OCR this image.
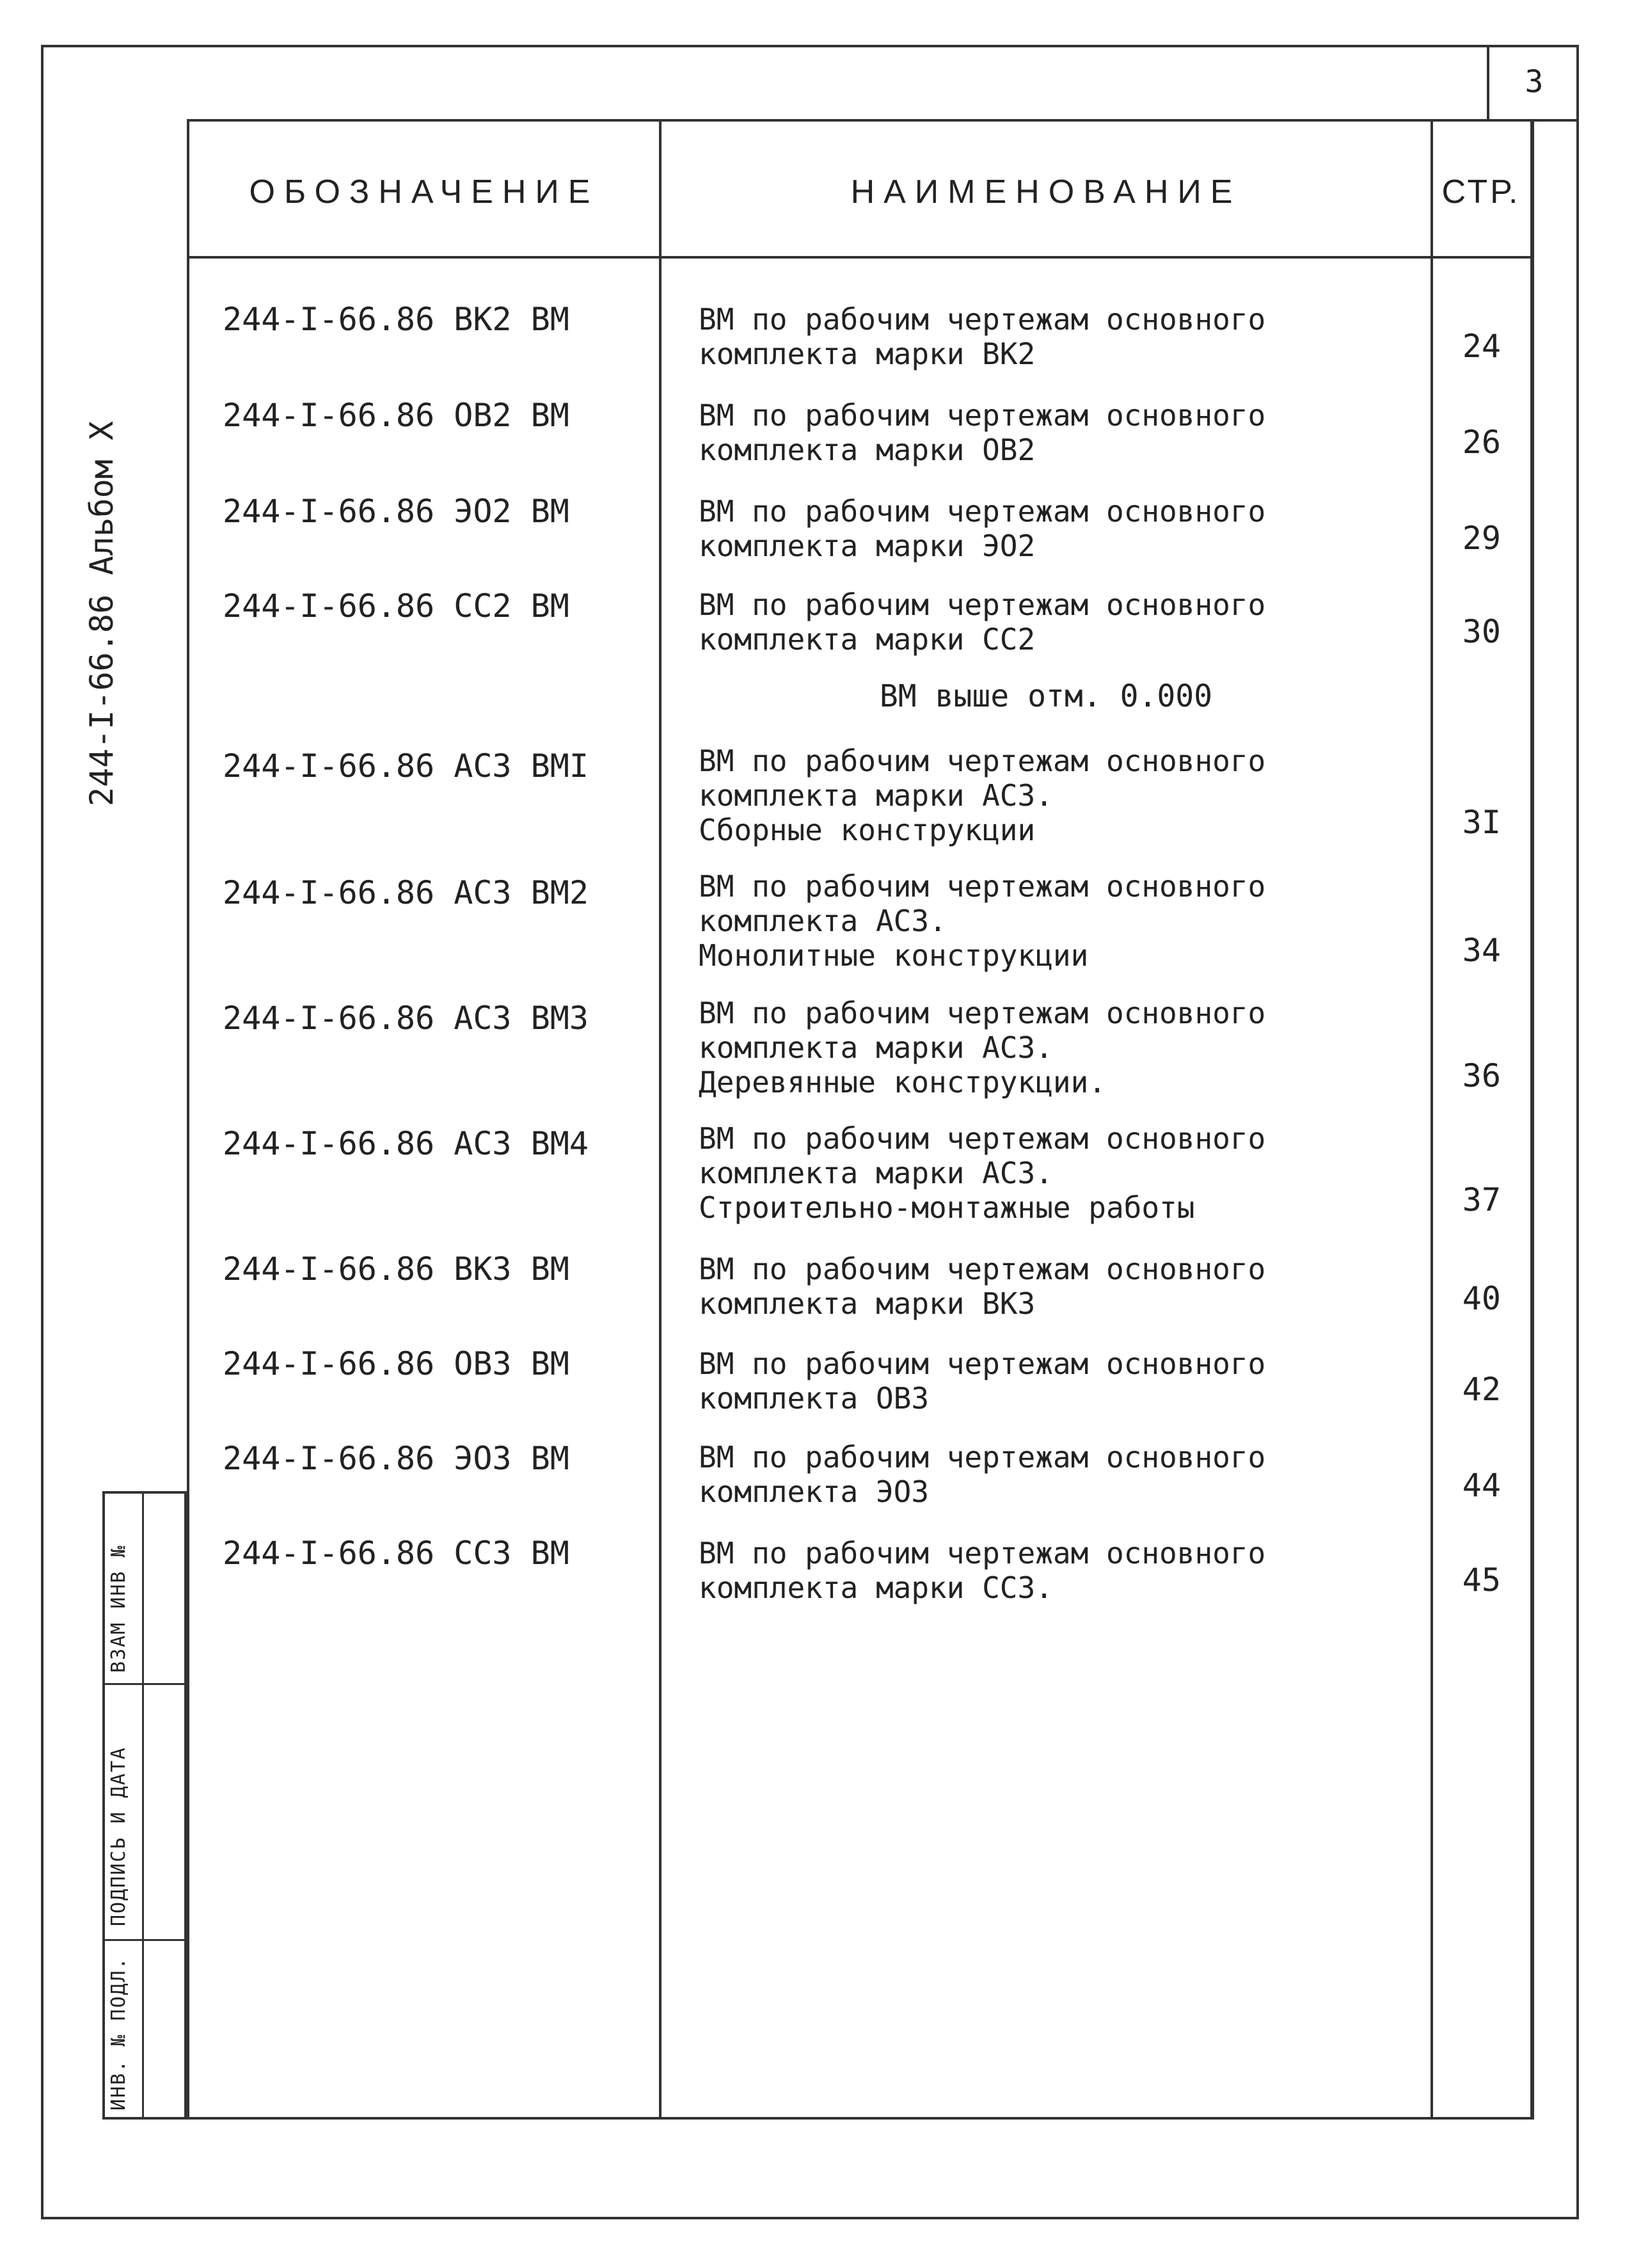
3
ОБОЗНАЧЕНИЕ	НАИМЕНОВАНИЕ	СТР.
244-I-66.86 Альбом X
244-I-66.86 ВК2 ВМ	ВМ по рабочим чертежам основного
комплекта марки ВК2	24
244-I-66.86 ОВ2 ВМ	ВМ по рабочим чертежам основного
комплекта марки ОВ2	26
244-I-66.86 ЭО2 ВМ	ВМ по рабочим чертежам основного
комплекта марки ЭО2	29
244-I-66.86 СС2 ВМ	ВМ по рабочим чертежам основного
комплекта марки СС2	30
ВМ выше отм. 0.000
244-I-66.86 АС3 ВМI	ВМ по рабочим чертежам основного
комплекта марки АС3.
Сборные конструкции	3I
244-I-66.86 АС3 ВМ2	ВМ по рабочим чертежам основного
комплекта АС3.
Монолитные конструкции	34
244-I-66.86 АС3 ВМ3	ВМ по рабочим чертежам основного
комплекта марки АС3.
Деревянные конструкции.	36
244-I-66.86 АС3 ВМ4	ВМ по рабочим чертежам основного
комплекта марки АС3.
Строительно-монтажные работы	37
244-I-66.86 ВК3 ВМ	ВМ по рабочим чертежам основного
комплекта марки ВК3	40
244-I-66.86 ОВ3 ВМ	ВМ по рабочим чертежам основного
комплекта ОВ3	42
244-I-66.86 ЭО3 ВМ	ВМ по рабочим чертежам основного
комплекта ЭО3	44
244-I-66.86 СС3 ВМ	ВМ по рабочим чертежам основного
комплекта марки СС3.	45
ВЗАМ ИНВ №
ПОДПИСЬ И ДАТА
ИНВ. № ПОДЛ.
